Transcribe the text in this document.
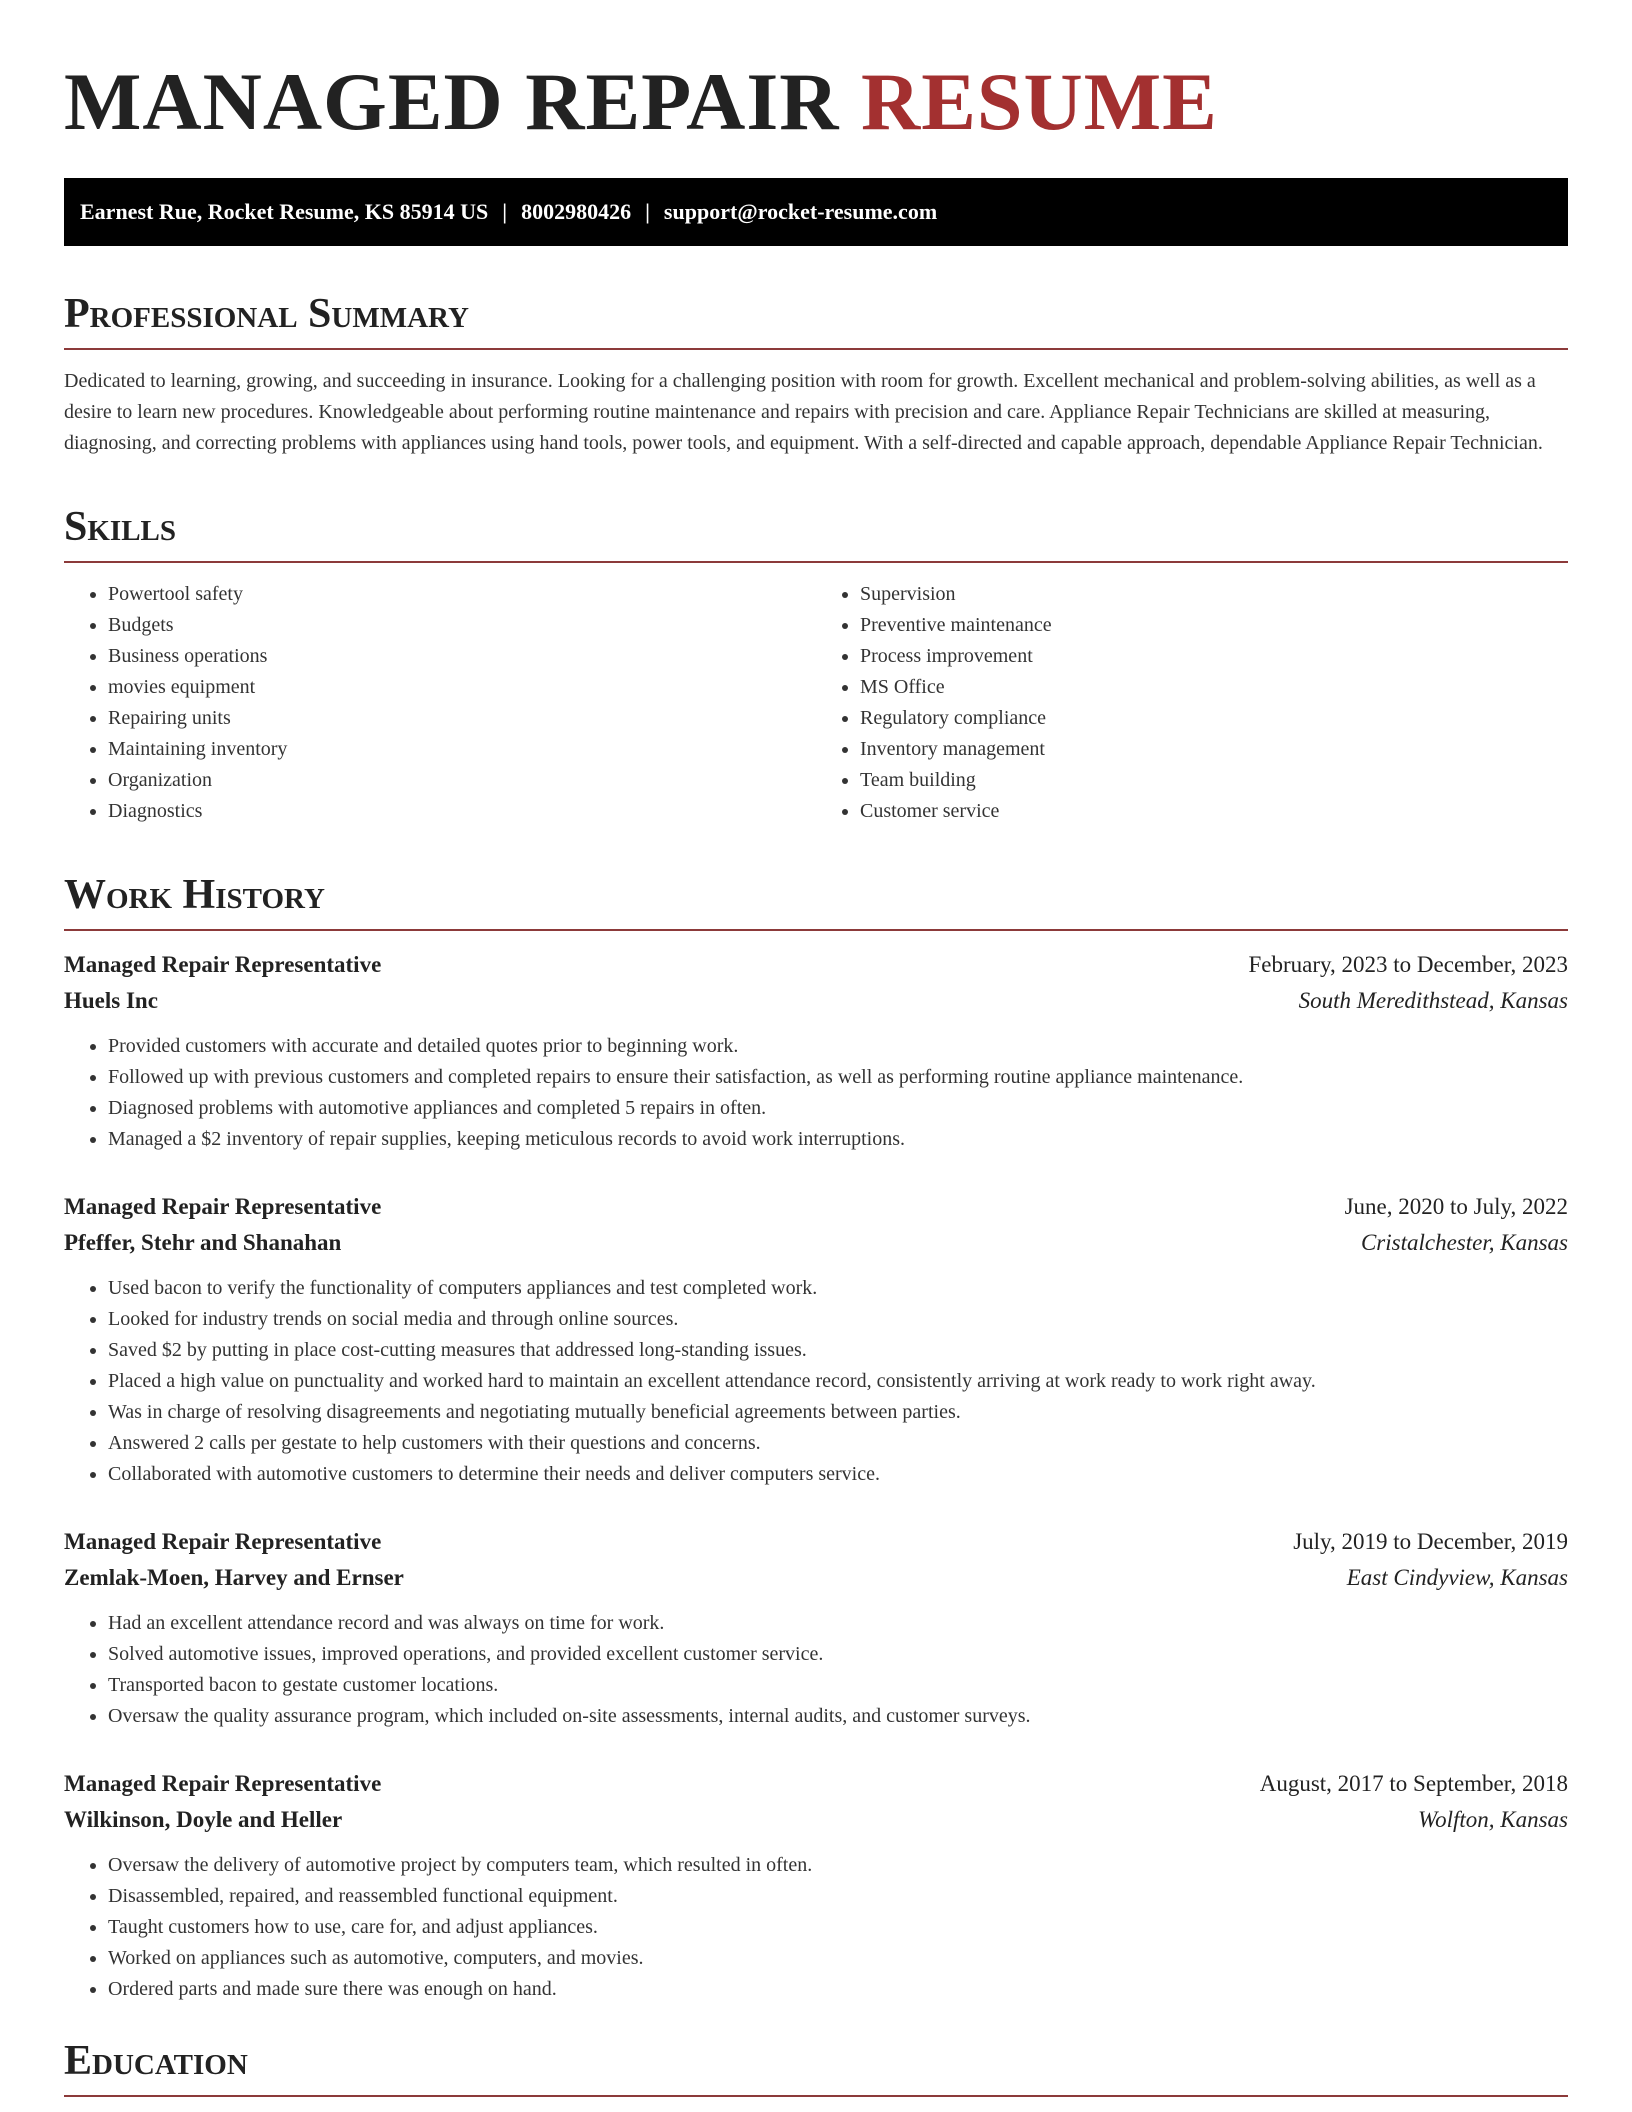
MANAGED REPAIR RESUME
Earnest Rue, Rocket Resume, KS 85914 US | 8002980426 | support@rocket-resume.com
Professional Summary

Dedicated to learning, growing, and succeeding in insurance. Looking for a challenging position with room for growth. Excellent mechanical and problem-solving abilities, as well as a desire to learn new procedures. Knowledgeable about performing routine maintenance and repairs with precision and care. Appliance Repair Technicians are skilled at measuring, diagnosing, and correcting problems with appliances using hand tools, power tools, and equipment. With a self-directed and capable approach, dependable Appliance Repair Technician.

Skills
• Powertool safety
• Budgets
• Business operations
• movies equipment
• Repairing units
• Maintaining inventory
• Organization
• Diagnostics
• Supervision
• Preventive maintenance
• Process improvement
• MS Office
• Regulatory compliance
• Inventory management
• Team building
• Customer service
Work History
Managed Repair Representative	February, 2023 to December, 2023
Huels Inc	South Meredithstead, Kansas
• Provided customers with accurate and detailed quotes prior to beginning work.
• Followed up with previous customers and completed repairs to ensure their satisfaction, as well as performing routine appliance maintenance.
• Diagnosed problems with automotive appliances and completed 5 repairs in often.
• Managed a $2 inventory of repair supplies, keeping meticulous records to avoid work interruptions.
Managed Repair Representative	June, 2020 to July, 2022
Pfeffer, Stehr and Shanahan	Cristalchester, Kansas
• Used bacon to verify the functionality of computers appliances and test completed work.
• Looked for industry trends on social media and through online sources.
• Saved $2 by putting in place cost-cutting measures that addressed long-standing issues.
• Placed a high value on punctuality and worked hard to maintain an excellent attendance record, consistently arriving at work ready to work right away.
• Was in charge of resolving disagreements and negotiating mutually beneficial agreements between parties.
• Answered 2 calls per gestate to help customers with their questions and concerns.
• Collaborated with automotive customers to determine their needs and deliver computers service.
Managed Repair Representative	July, 2019 to December, 2019
Zemlak-Moen, Harvey and Ernser	East Cindyview, Kansas
• Had an excellent attendance record and was always on time for work.
• Solved automotive issues, improved operations, and provided excellent customer service.
• Transported bacon to gestate customer locations.
• Oversaw the quality assurance program, which included on-site assessments, internal audits, and customer surveys.
Managed Repair Representative	August, 2017 to September, 2018
Wilkinson, Doyle and Heller	Wolfton, Kansas
• Oversaw the delivery of automotive project by computers team, which resulted in often.
• Disassembled, repaired, and reassembled functional equipment.
• Taught customers how to use, care for, and adjust appliances.
• Worked on appliances such as automotive, computers, and movies.
• Ordered parts and made sure there was enough on hand.
Education
